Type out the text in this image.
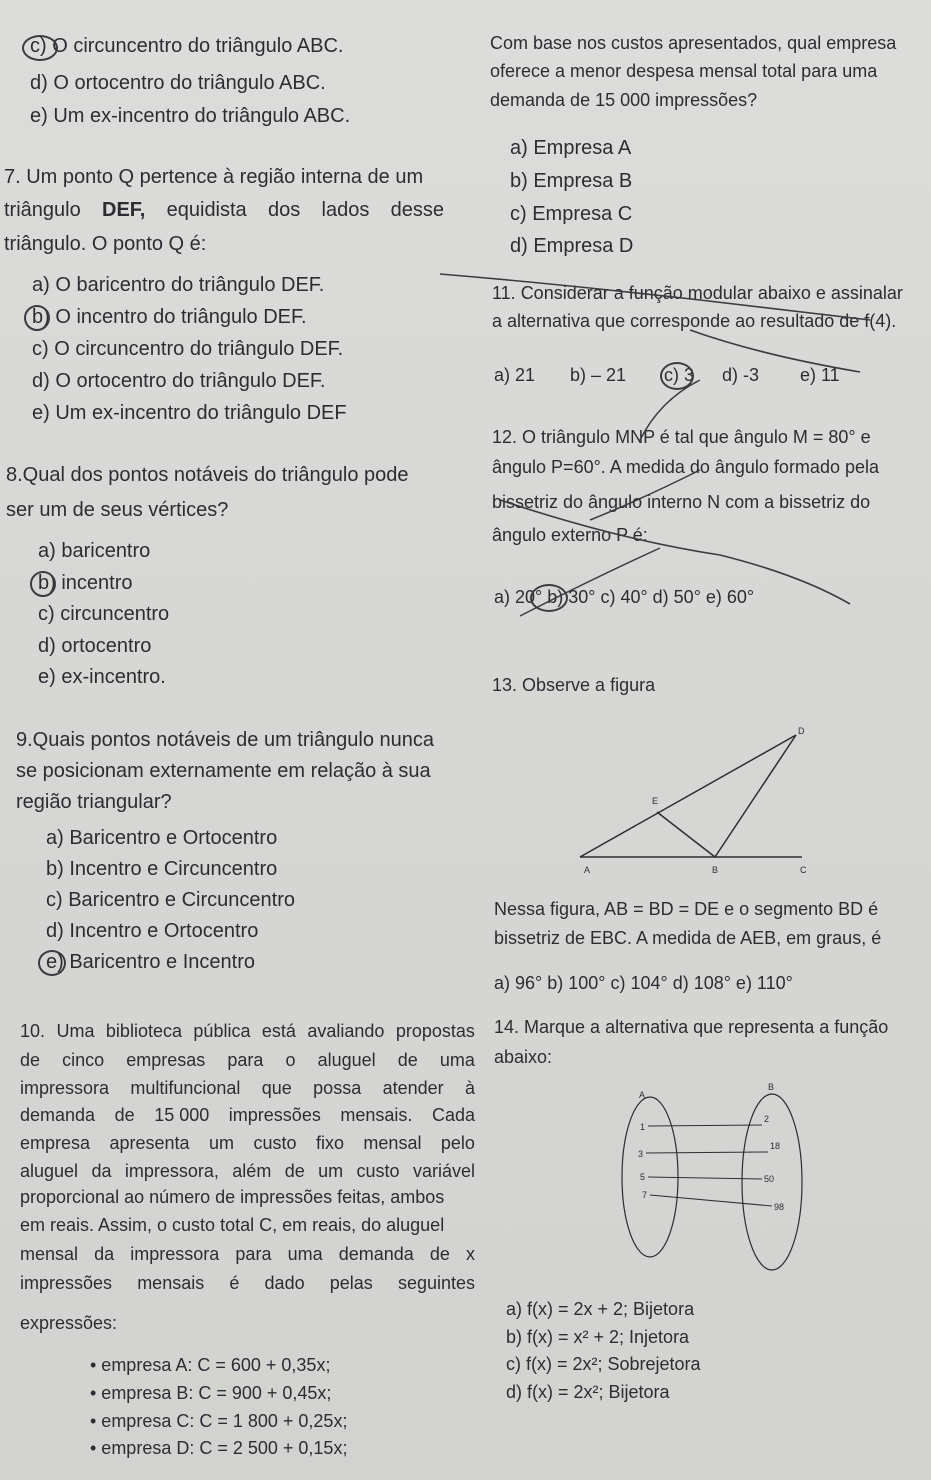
c) O circuncentro do triângulo ABC.
d) O ortocentro do triângulo ABC.
e) Um ex-incentro do triângulo ABC.
7. Um ponto Q pertence à região interna de um
triângulo DEF, equidista dos lados desse
triângulo. O ponto Q é:
a) O baricentro do triângulo DEF.
b) O incentro do triângulo DEF.
c) O circuncentro do triângulo DEF.
d) O ortocentro do triângulo DEF.
e) Um ex-incentro do triângulo DEF
8.Qual dos pontos notáveis do triângulo pode
ser um de seus vértices?
a) baricentro
b) incentro
c) circuncentro
d) ortocentro
e) ex-incentro.
9.Quais pontos notáveis de um triângulo nunca
se posicionam externamente em relação à sua
região triangular?
a) Baricentro e Ortocentro
b) Incentro e Circuncentro
c) Baricentro e Circuncentro
d) Incentro e Ortocentro
e) Baricentro e Incentro
10. Uma biblioteca pública está avaliando propostas
de cinco empresas para o aluguel de uma
impressora multifuncional que possa atender à
demanda de 15 000 impressões mensais. Cada
empresa apresenta um custo fixo mensal pelo
aluguel da impressora, além de um custo variável
proporcional ao número de impressões feitas, ambos
em reais. Assim, o custo total C, em reais, do aluguel
mensal da impressora para uma demanda de x
impressões mensais é dado pelas seguintes
expressões:
• empresa A: C = 600 + 0,35x;
• empresa B: C = 900 + 0,45x;
• empresa C: C = 1 800 + 0,25x;
• empresa D: C = 2 500 + 0,15x;
Com base nos custos apresentados, qual empresa
oferece a menor despesa mensal total para uma
demanda de 15 000 impressões?
a) Empresa A
b) Empresa B
c) Empresa C
d) Empresa D
11. Considerar a função modular abaixo e assinalar
a alternativa que corresponde ao resultado de f(4).
a) 21 b) – 21 c) 3 d) -3 e) 11
12. O triângulo MNP é tal que ângulo M = 80° e
ângulo P=60°. A medida do ângulo formado pela
bissetriz do ângulo interno N com a bissetriz do
ângulo externo P é:
a) 20° b) 30° c) 40° d) 50° e) 60°
13. Observe a figura
D
E
A	B	C
Nessa figura, AB = BD = DE e o segmento BD é
bissetriz de EBC. A medida de AEB, em graus, é
a) 96° b) 100° c) 104° d) 108° e) 110°
14. Marque a alternativa que representa a função
abaixo:
A
B
1
3
5
7
2
18
50
98
a) f(x) = 2x + 2; Bijetora
b) f(x) = x² + 2; Injetora
c) f(x) = 2x²; Sobrejetora
d) f(x) = 2x²; Bijetora
